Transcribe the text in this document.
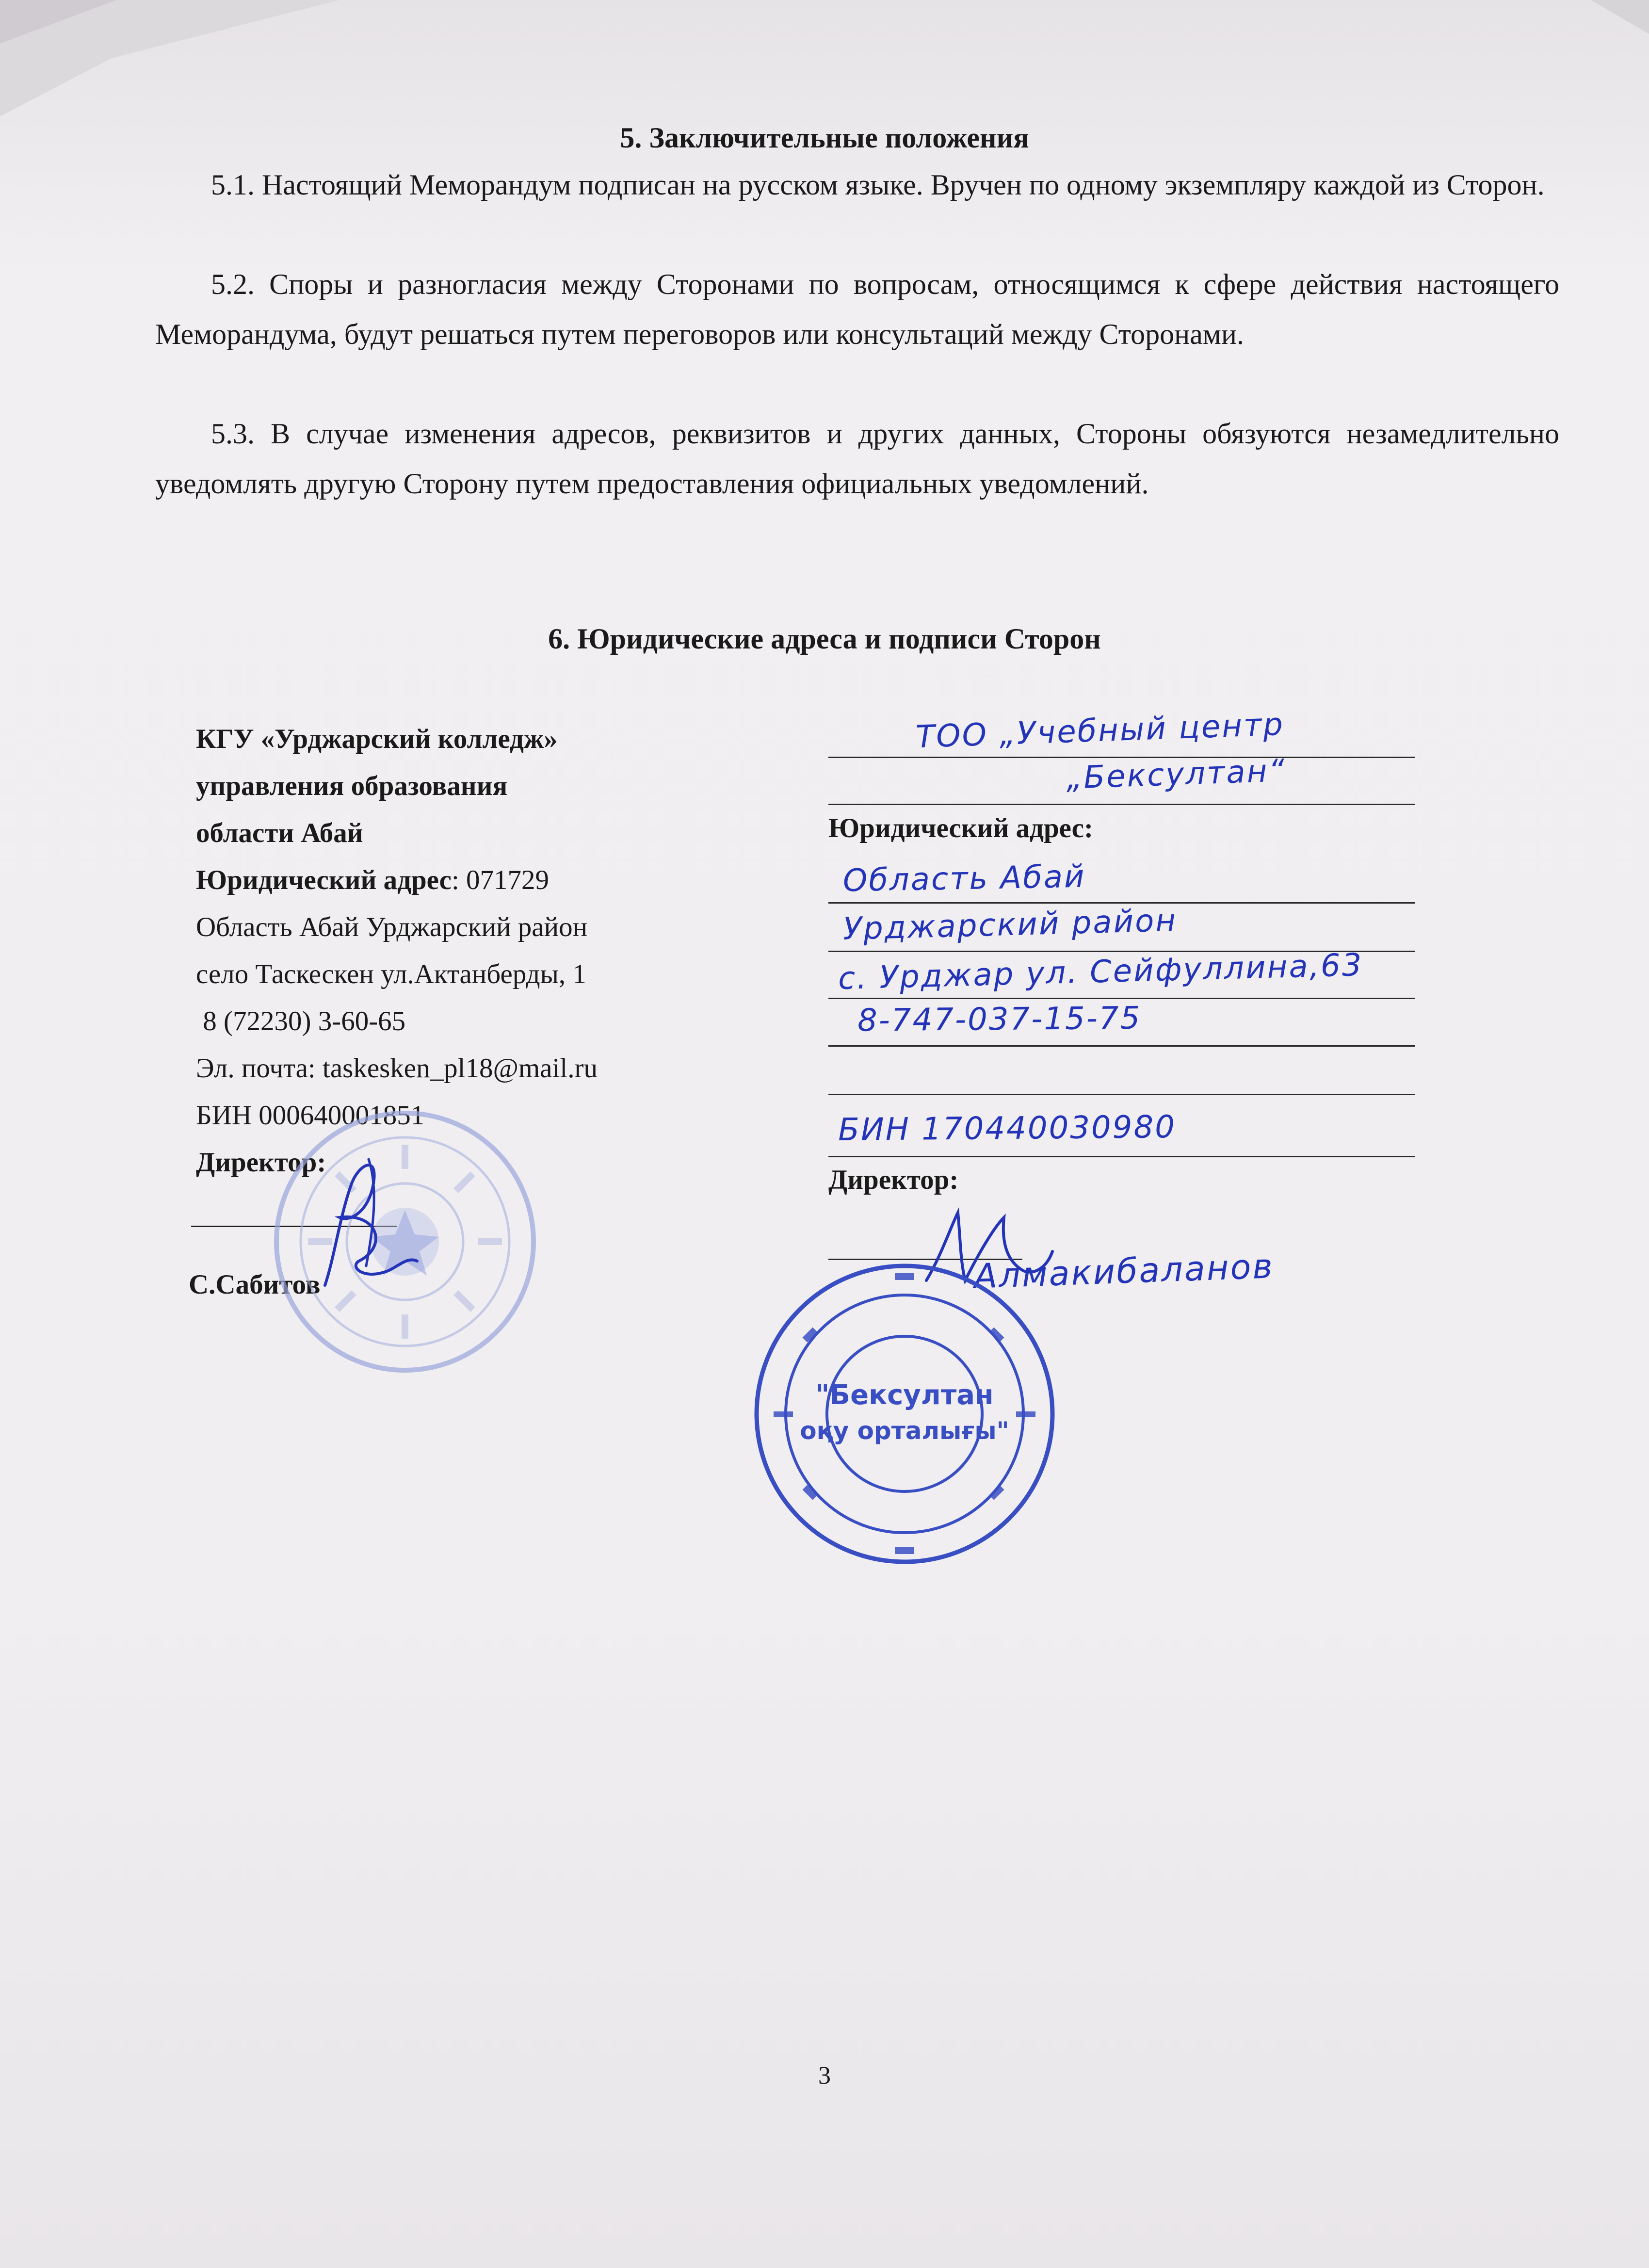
5. Заключительные положения

5.1. Настоящий Меморандум подписан на русском языке. Вручен по одному экземпляру каждой из Сторон.

5.2. Споры и разногласия между Сторонами по вопросам, относящимся к сфере действия настоящего Меморандума, будут решаться путем переговоров или консультаций между Сторонами.

5.3. В случае изменения адресов, реквизитов и других данных, Стороны обязуются незамедлительно уведомлять другую Сторону путем предоставления официальных уведомлений.

6. Юридические адреса и подписи Сторон
КГУ «Урджарский колледж»
управления образования
области Абай
Юридический адрес: 071729
Область Абай Урджарский район
село Таскескен ул.Актанберды, 1
8 (72230) 3-60-65
Эл. почта: taskesken_pl18@mail.ru
БИН 000640001851
Директор:
С.Сабитов
ТОО „Учебный центр
„Бексултан“
Юридический адрес:
Область Абай
Урджарский район
с. Урджар ул. Сейфуллина,63
8-747-037-15-75
БИН 170440030980
Директор:
Алмакибаланов
"Бексултан
оқу орталығы"
3
